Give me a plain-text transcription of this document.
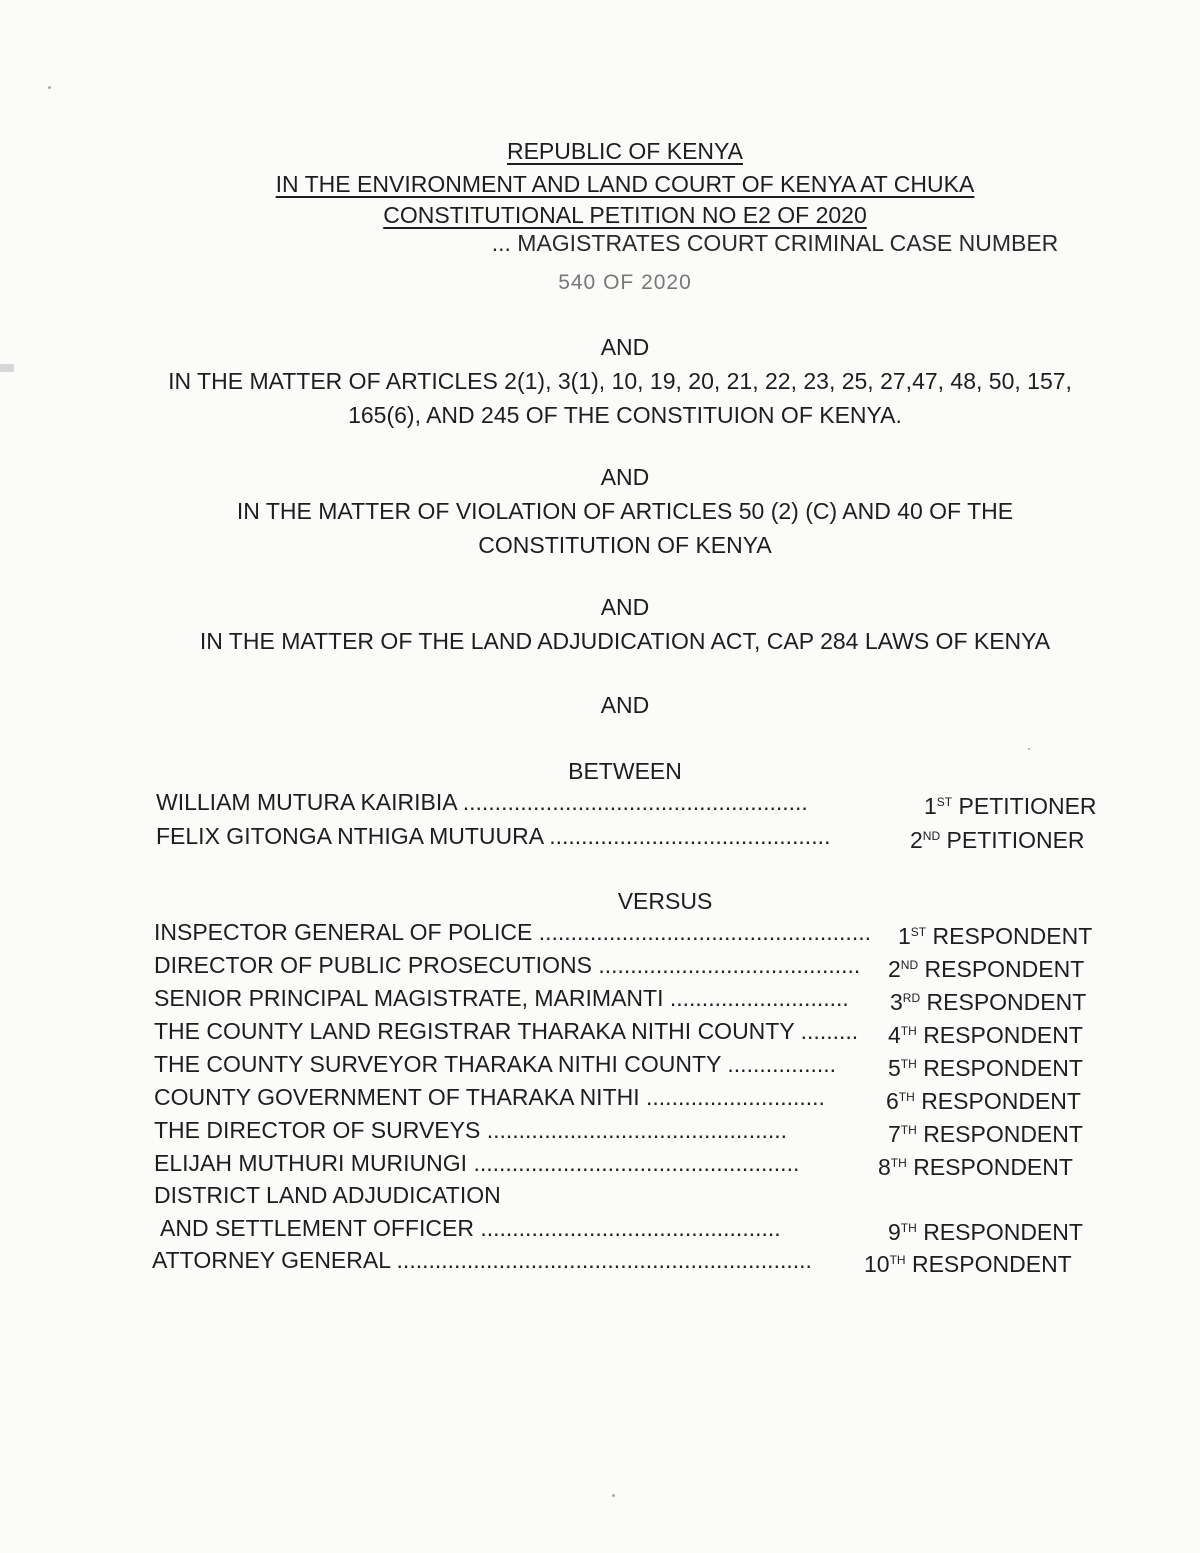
REPUBLIC OF KENYA
IN THE ENVIRONMENT AND LAND COURT OF KENYA AT CHUKA
CONSTITUTIONAL PETITION NO E2 OF 2020
... MAGISTRATES COURT CRIMINAL CASE NUMBER
540 OF 2020
AND
IN THE MATTER OF ARTICLES 2(1), 3(1), 10, 19, 20, 21, 22, 23, 25, 27,47, 48, 50, 157,
165(6), AND 245 OF THE CONSTITUION OF KENYA.
AND
IN THE MATTER OF VIOLATION OF ARTICLES 50 (2) (C) AND 40 OF THE
CONSTITUTION OF KENYA
AND
IN THE MATTER OF THE LAND ADJUDICATION ACT, CAP 284 LAWS OF KENYA
AND
BETWEEN
WILLIAM MUTURA KAIRIBIA ......................................................	1ST PETITIONER
FELIX GITONGA NTHIGA MUTUURA ............................................	2ND PETITIONER
VERSUS
INSPECTOR GENERAL OF POLICE .................................................... 1ST RESPONDENT
DIRECTOR OF PUBLIC PROSECUTIONS ......................................... 2ND RESPONDENT
SENIOR PRINCIPAL MAGISTRATE, MARIMANTI ............................ 3RD RESPONDENT
THE COUNTY LAND REGISTRAR THARAKA NITHI COUNTY ......... 4TH RESPONDENT
THE COUNTY SURVEYOR THARAKA NITHI COUNTY ................. 5TH RESPONDENT
COUNTY GOVERNMENT OF THARAKA NITHI ............................	6TH RESPONDENT
THE DIRECTOR OF SURVEYS ...............................................	7TH RESPONDENT
ELIJAH MUTHURI MURIUNGI ...................................................	8TH RESPONDENT
DISTRICT LAND ADJUDICATION
AND SETTLEMENT OFFICER ...............................................	9TH RESPONDENT
ATTORNEY GENERAL ................................................................. 10TH RESPONDENT
